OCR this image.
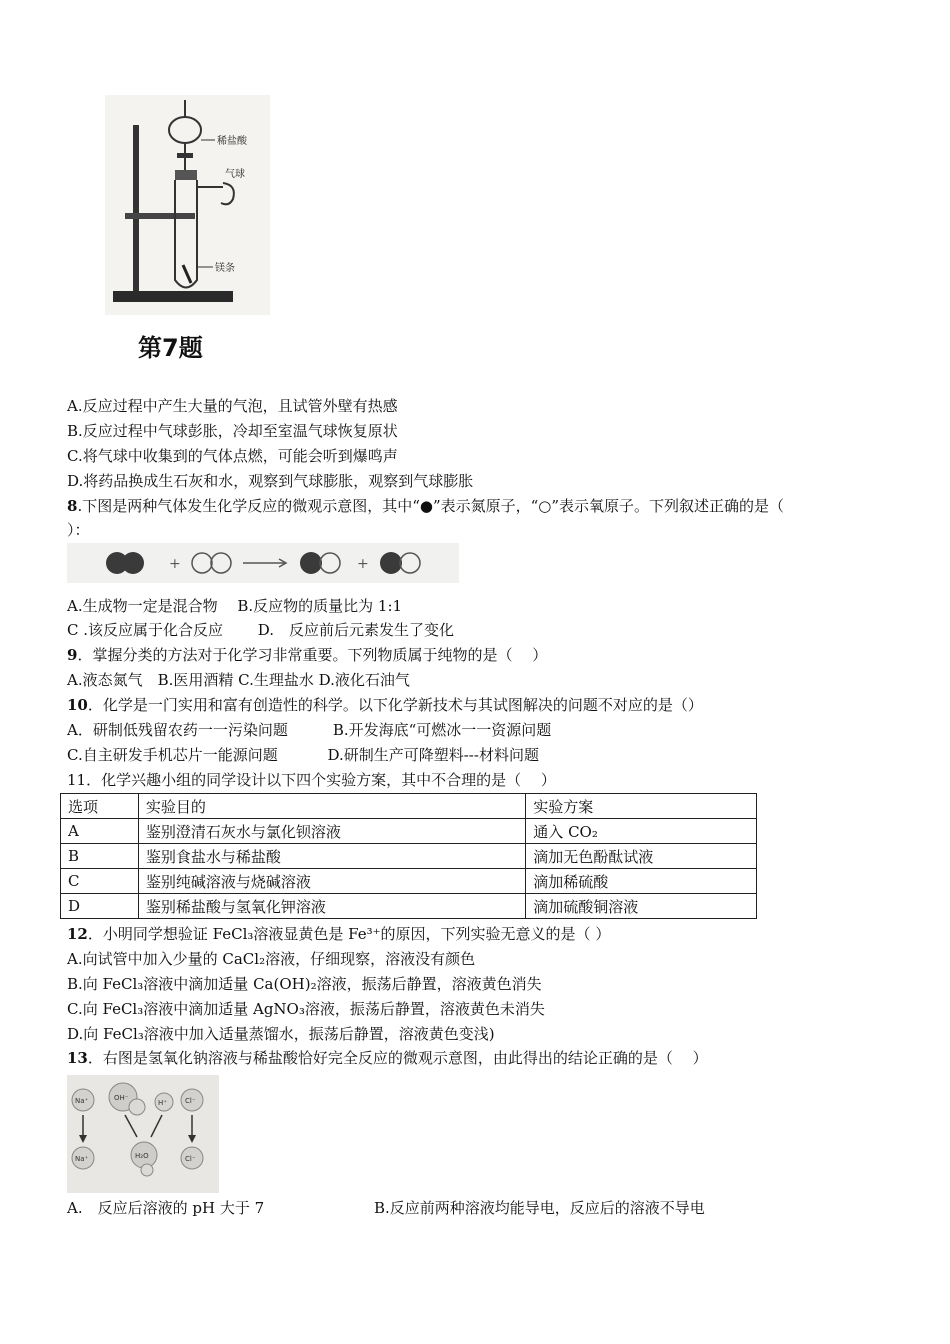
稀盐酸
气球
镁条
第7题
A.反应过程中产生大量的气泡，且试管外壁有热感
B.反应过程中气球彭胀，冷却至室温气球恢复原状
C.将气球中收集到的气体点燃，可能会听到爆鸣声
D.将药品换成生石灰和水，观察到气球膨胀，观察到气球膨胀
8.下图是两种气体发生化学反应的微观示意图，其中“●”表示氮原子，“○”表示氧原子。下列叙述正确的是（
）：
+	+
A.生成物一定是混合物　 B.反应物的质量比为 1:1
C .该反应属于化合反应　　 D.　反应前后元素发生了变化
9．掌握分类的方法对于化学习非常重要。下列物质属于纯物的是（　 ）
A.液态氮气　B.医用酒精 C.生理盐水 D.液化石油气
10．化学是一门实用和富有创造性的科学。以下化学新技术与其试图解决的问题不对应的是（）
A．研制低残留农药一一污染问题　　　B.开发海底“可燃冰一一资源问题
C.自主研发手机芯片一能源问题　　　 D.研制生产可降塑料---材料问题
11．化学兴趣小组的同学设计以下四个实验方案，其中不合理的是（　 ）
选项	实验目的	实验方案
A	鉴别澄清石灰水与氯化钡溶液	通入 CO₂
B	鉴别食盐水与稀盐酸	滴加无色酚酞试液
C	鉴别纯碱溶液与烧碱溶液	滴加稀硫酸
D	鉴别稀盐酸与氢氧化钾溶液	滴加硫酸铜溶液
12．小明同学想验证 FeCl₃溶液显黄色是 Fe³⁺的原因，下列实验无意义的是（ ）
A.向试管中加入少量的 CaCl₂溶液，仔细现察，溶液没有颜色
B.向 FeCl₃溶液中滴加适量 Ca(OH)₂溶液，振荡后静置，溶液黄色消失
C.向 FeCl₃溶液中滴加适量 AgNO₃溶液，振荡后静置，溶液黄色未消失
D.向 FeCl₃溶液中加入适量蒸馏水，振荡后静置，溶液黄色变浅)
13．右图是氢氧化钠溶液与稀盐酸恰好完全反应的微观示意图，由此得出的结论正确的是（　 ）
Na⁺	OH⁻
H⁺	Cl⁻
Na⁺	H₂O	Cl⁻
A.　反应后溶液的 pH 大于 7	B.反应前两种溶液均能导电，反应后的溶液不导电
